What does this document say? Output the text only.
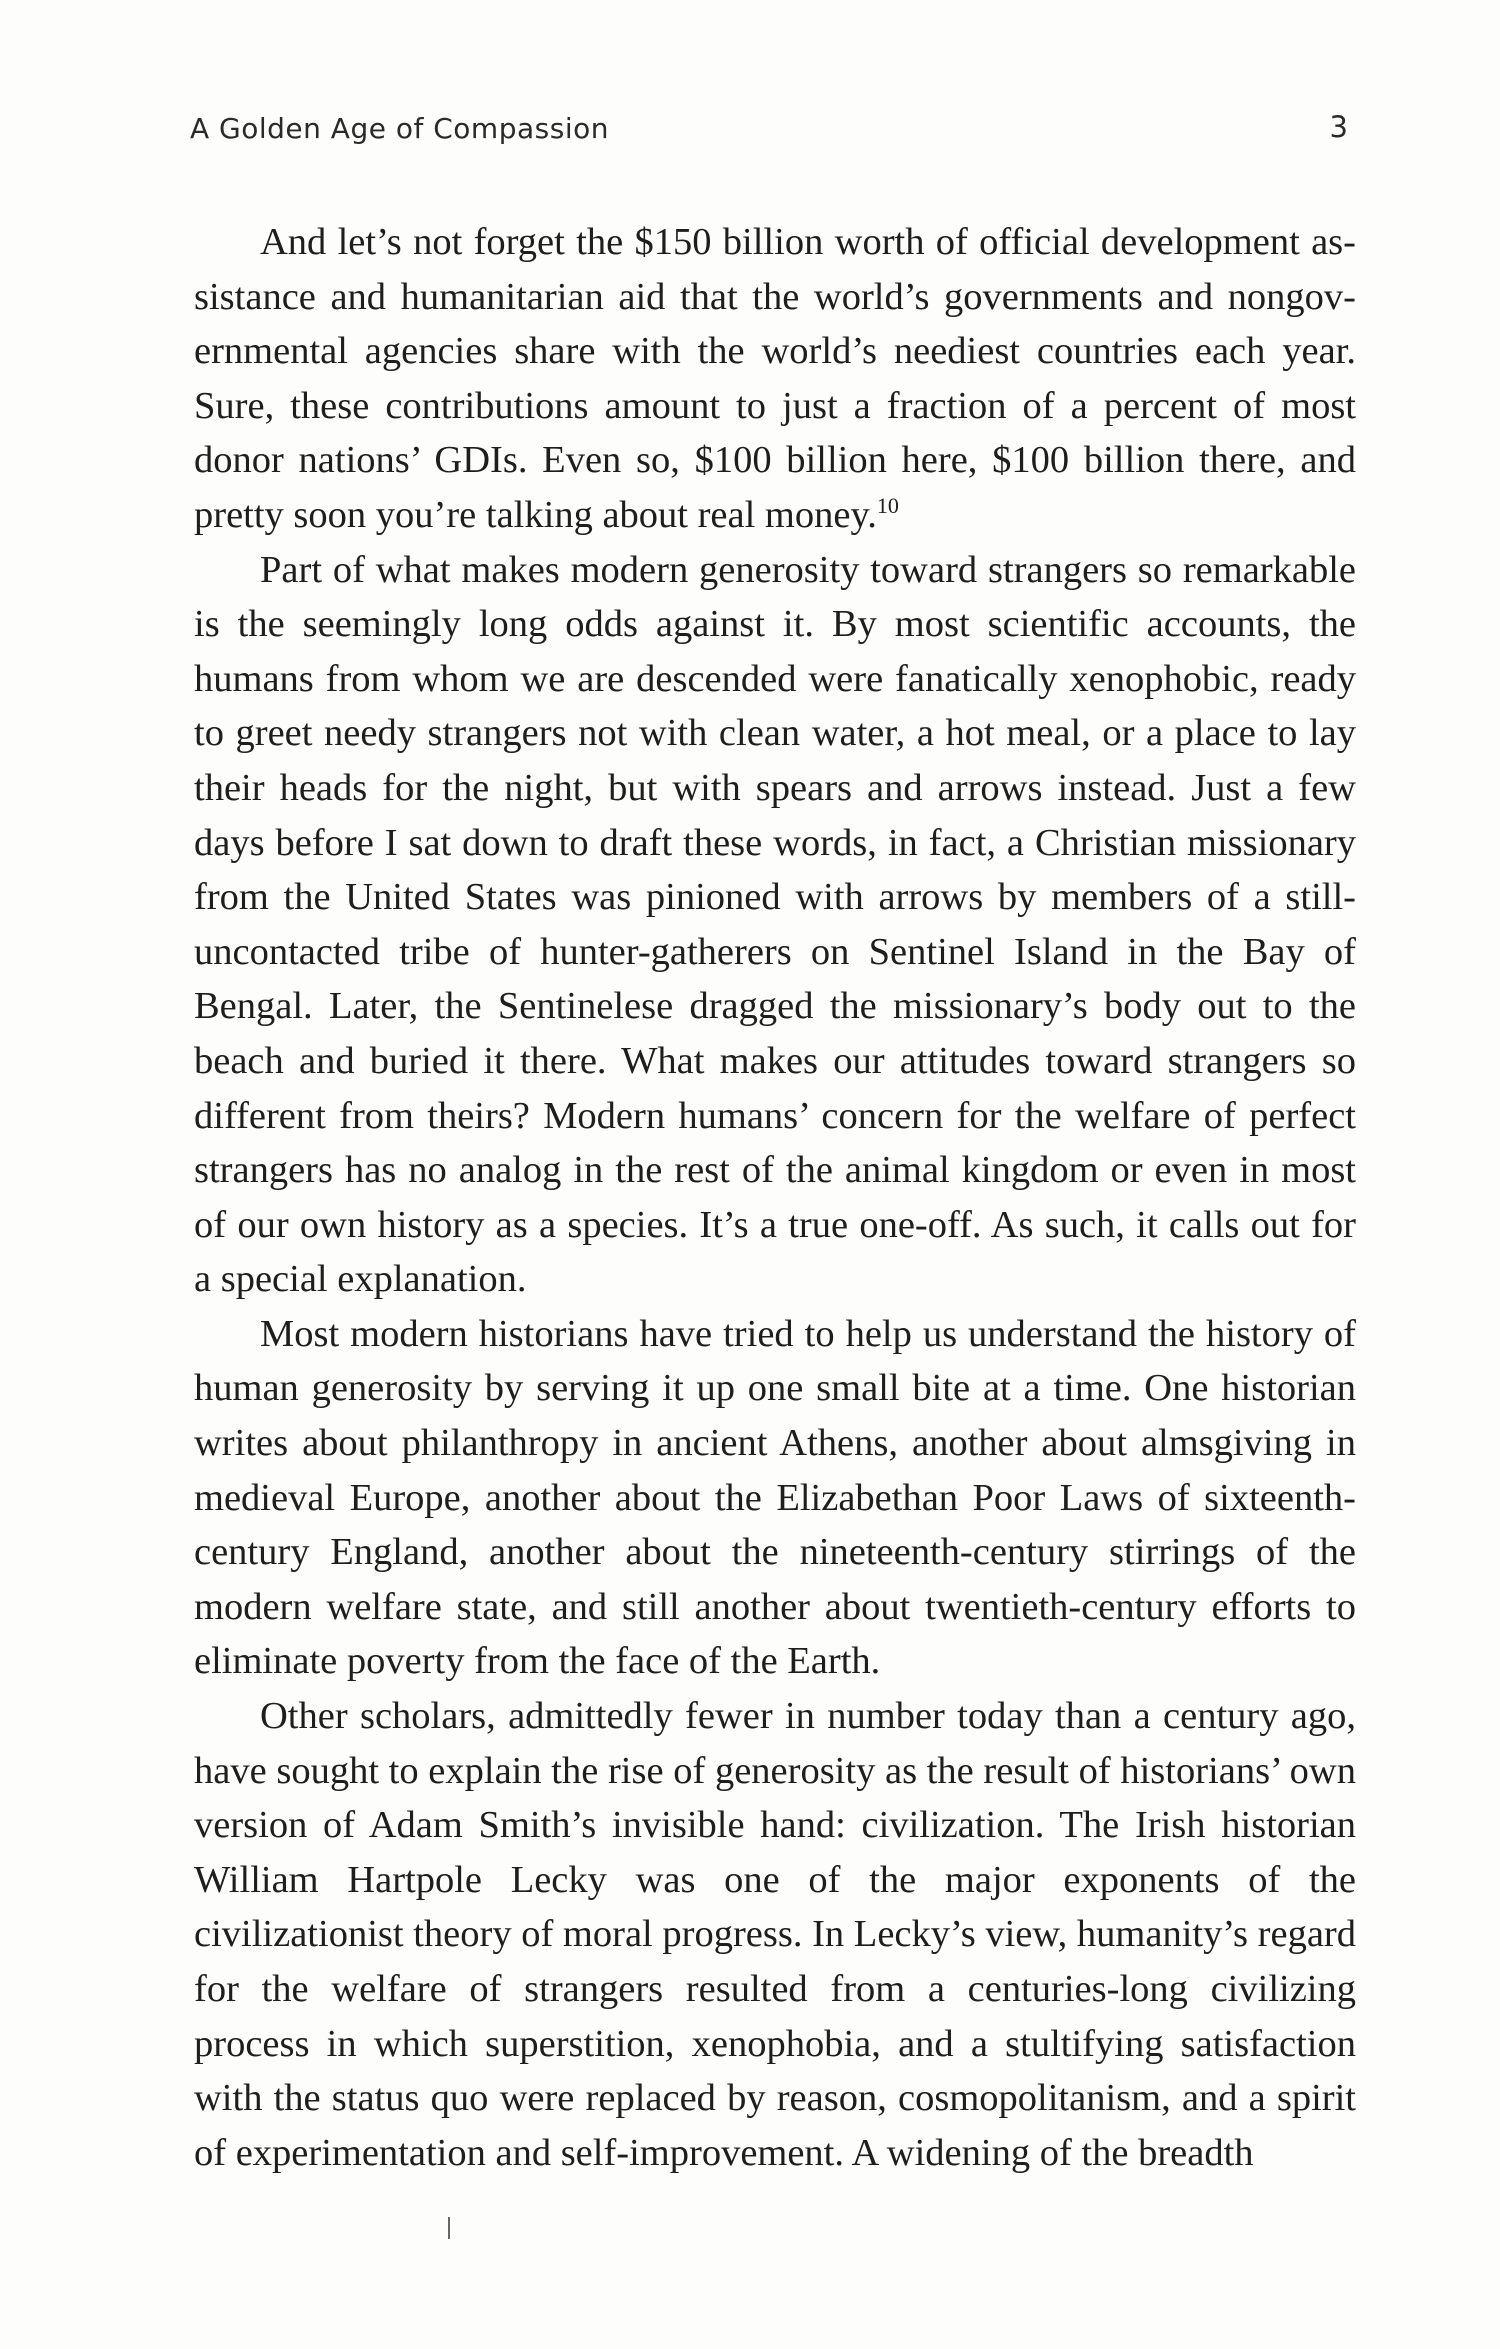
A Golden Age of Compassion	3

And let’s not forget the $150 billion worth of official development assistance and humanitarian aid that the world’s governments and nongovernmental agencies share with the world’s neediest countries each year. Sure, these contributions amount to just a fraction of a percent of most donor nations’ GDIs. Even so, $100 billion here, $100 billion there, and pretty soon you’re talking about real money.$^{10}$

Part of what makes modern generosity toward strangers so remarkable is the seemingly long odds against it. By most scientific accounts, the humans from whom we are descended were fanatically xenophobic, ready to greet needy strangers not with clean water, a hot meal, or a place to lay their heads for the night, but with spears and arrows instead. Just a few days before I sat down to draft these words, in fact, a Christian missionary from the United States was pinioned with arrows by members of a still-uncontacted tribe of hunter-gatherers on Sentinel Island in the Bay of Bengal. Later, the Sentinelese dragged the missionary’s body out to the beach and buried it there. What makes our attitudes toward strangers so different from theirs? Modern humans’ concern for the welfare of perfect strangers has no analog in the rest of the animal kingdom or even in most of our own history as a species. It’s a true one-off. As such, it calls out for a special explanation.

Most modern historians have tried to help us understand the history of human generosity by serving it up one small bite at a time. One historian writes about philanthropy in ancient Athens, another about almsgiving in medieval Europe, another about the Elizabethan Poor Laws of sixteenth-century England, another about the nineteenth-century stirrings of the modern welfare state, and still another about twentieth-century efforts to eliminate poverty from the face of the Earth.

Other scholars, admittedly fewer in number today than a century ago, have sought to explain the rise of generosity as the result of historians’ own version of Adam Smith’s invisible hand: civilization. The Irish historian William Hartpole Lecky was one of the major exponents of the civilizationist theory of moral progress. In Lecky’s view, humanity’s regard for the welfare of strangers resulted from a centuries-long civilizing process in which superstition, xenophobia, and a stultifying satisfaction with the status quo were replaced by reason, cosmopolitanism, and a spirit of experimentation and self-improvement. A widening of the breadth
